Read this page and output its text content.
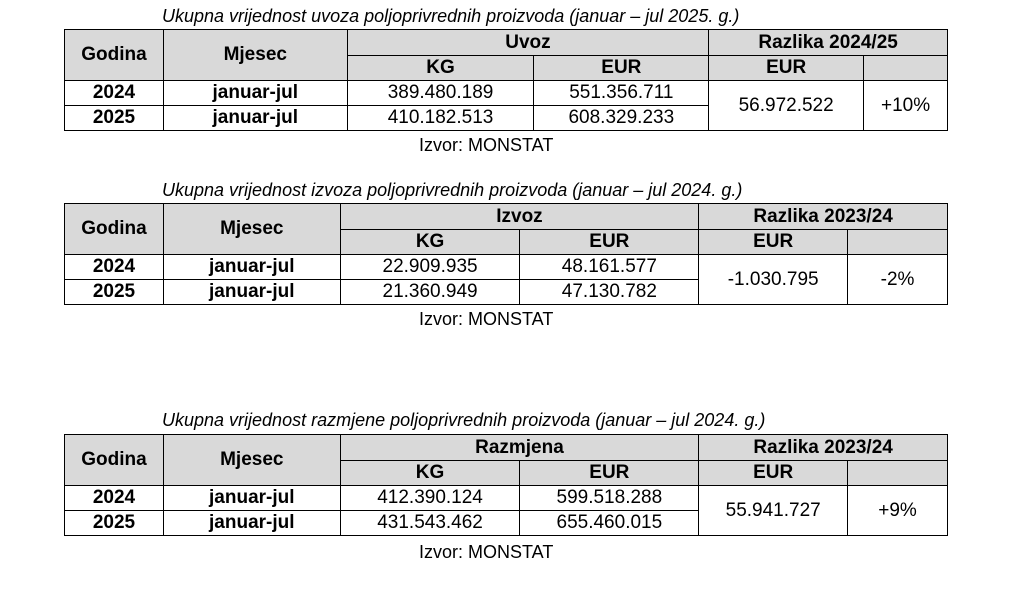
Ukupna vrijednost uvoza poljoprivrednih proizvoda (januar – jul 2025. g.)
Godina	Mjesec	Uvoz		Razlika 2024/25	
		KG	EUR	EUR	
2024	januar-jul	389.480.189	551.356.711	56.972.522	+10%
2025	januar-jul	410.182.513	608.329.233		
Izvor: MONSTAT
Ukupna vrijednost izvoza poljoprivrednih proizvoda (januar – jul 2024. g.)
Godina	Mjesec	Izvoz		Razlika 2023/24	
		KG	EUR	EUR	
2024	januar-jul	22.909.935	48.161.577	-1.030.795	-2%
2025	januar-jul	21.360.949	47.130.782		
Izvor: MONSTAT
Ukupna vrijednost razmjene poljoprivrednih proizvoda (januar – jul 2024. g.)
Godina	Mjesec	Razmjena		Razlika 2023/24	
		KG	EUR	EUR	
2024	januar-jul	412.390.124	599.518.288	55.941.727	+9%
2025	januar-jul	431.543.462	655.460.015		
Izvor: MONSTAT
